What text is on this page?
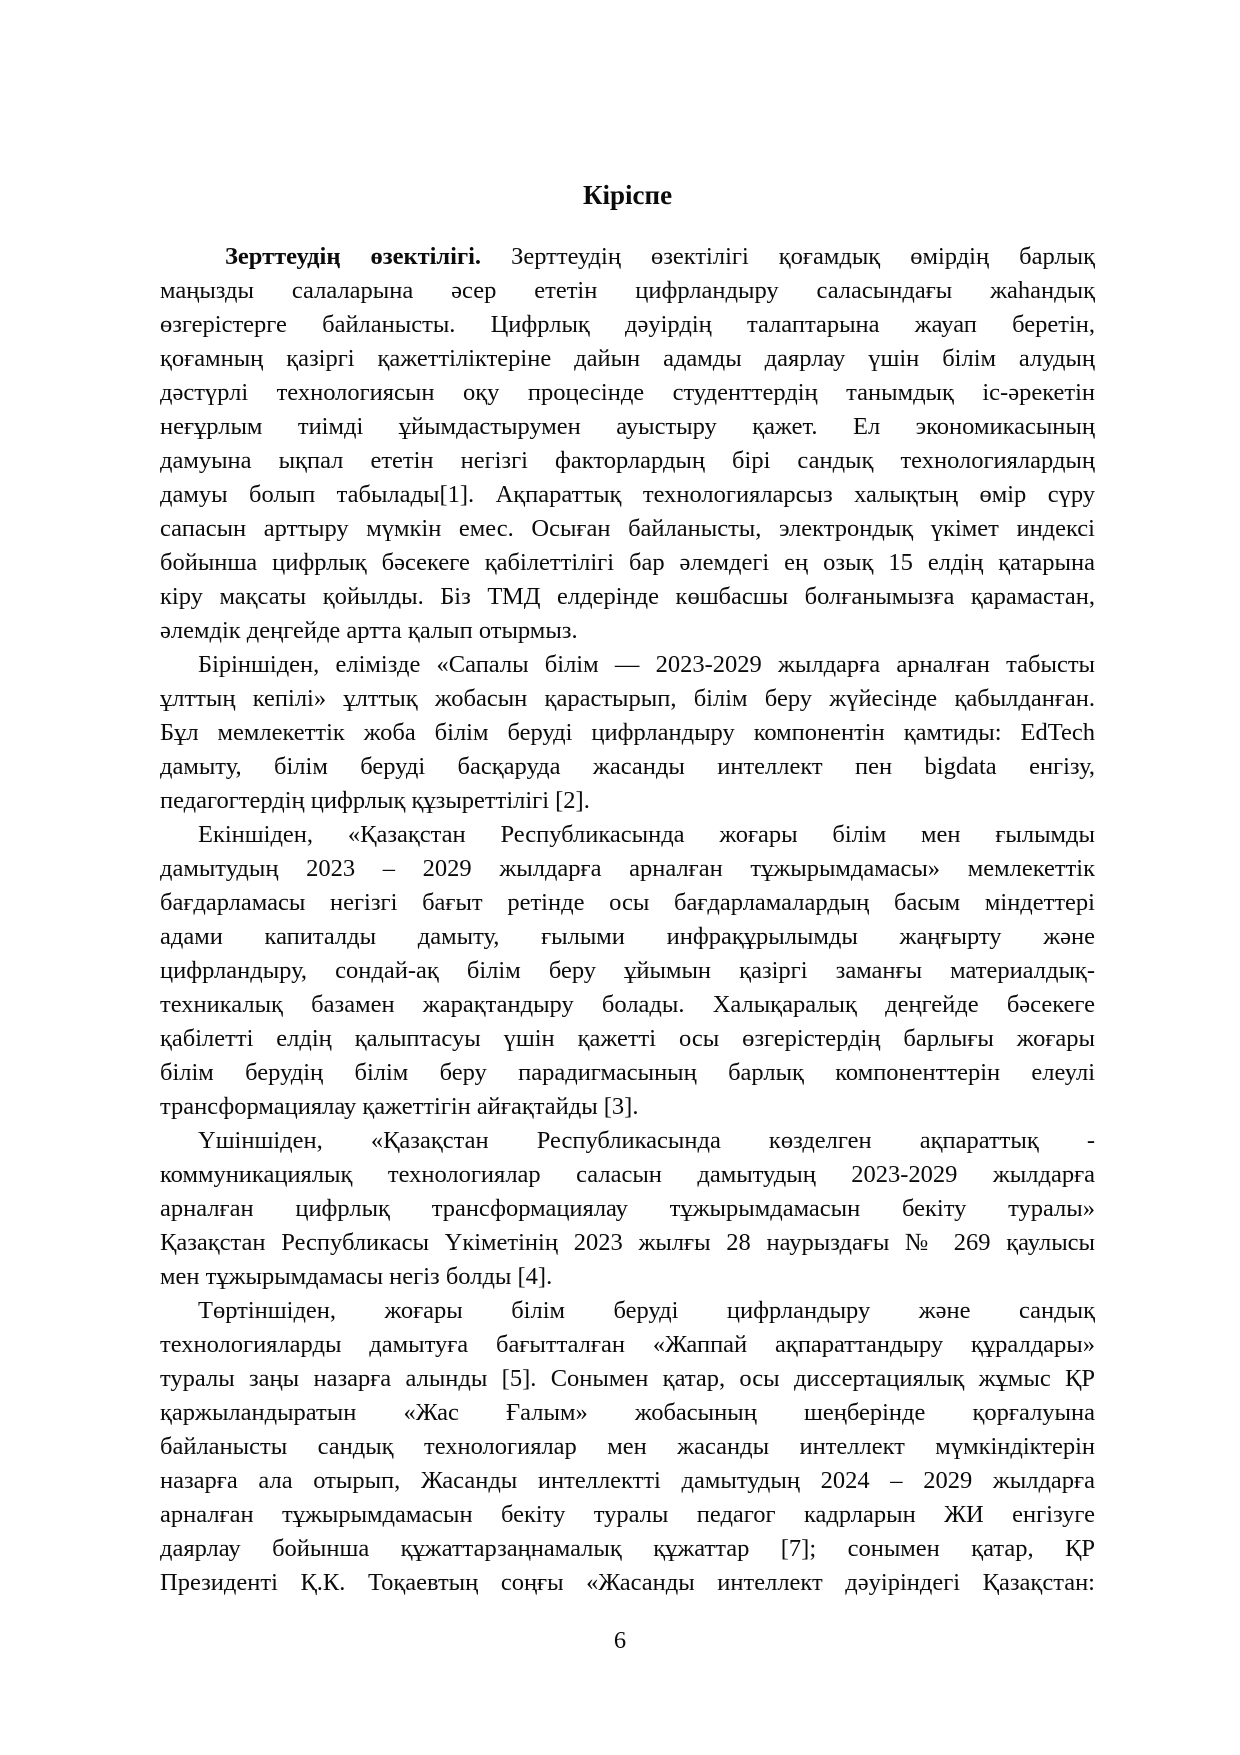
Кіріспе
Зерттеудің өзектілігі. Зерттеудің өзектілігі қоғамдық өмірдің барлық
маңызды салаларына әсер ететін цифрландыру саласындағы жаһандық
өзгерістерге байланысты. Цифрлық дәуірдің талаптарына жауап беретін,
қоғамның қазіргі қажеттіліктеріне дайын адамды даярлау үшін білім алудың
дәстүрлі технологиясын оқу процесінде студенттердің танымдық іс-әрекетін
неғұрлым тиімді ұйымдастырумен ауыстыру қажет. Ел экономикасының
дамуына ықпал ететін негізгі факторлардың бірі сандық технологиялардың
дамуы болып табылады[1]. Ақпараттық технологияларсыз халықтың өмір сүру
сапасын арттыру мүмкін емес. Осыған байланысты, электрондық үкімет индексі
бойынша цифрлық бәсекеге қабілеттілігі бар әлемдегі ең озық 15 елдің қатарына
кіру мақсаты қойылды. Біз ТМД елдерінде көшбасшы болғанымызға қарамастан,
әлемдік деңгейде артта қалып отырмыз.
Біріншіден, елімізде «Сапалы білім — 2023-2029 жылдарға арналған табысты
ұлттың кепілі» ұлттық жобасын қарастырып, білім беру жүйесінде қабылданған.
Бұл мемлекеттік жоба білім беруді цифрландыру компонентін қамтиды: EdTech
дамыту, білім беруді басқаруда жасанды интеллект пен bigdata енгізу,
педагогтердің цифрлық құзыреттілігі [2].
Екіншіден, «Қазақстан Республикасында жоғары білім мен ғылымды
дамытудың 2023 – 2029 жылдарға арналған тұжырымдамасы» мемлекеттік
бағдарламасы негізгі бағыт ретінде осы бағдарламалардың басым міндеттері
адами капиталды дамыту, ғылыми инфрақұрылымды жаңғырту және
цифрландыру, сондай-ақ білім беру ұйымын қазіргі заманғы материалдық-
техникалық базамен жарақтандыру болады. Халықаралық деңгейде бәсекеге
қабілетті елдің қалыптасуы үшін қажетті осы өзгерістердің барлығы жоғары
білім берудің білім беру парадигмасының барлық компоненттерін елеулі
трансформациялау қажеттігін айғақтайды [3].
Үшіншіден, «Қазақстан Республикасында көзделген ақпараттық -
коммуникациялық технологиялар саласын дамытудың 2023-2029 жылдарға
арналған цифрлық трансформациялау тұжырымдамасын бекіту туралы»
Қазақстан Республикасы Үкіметінің 2023 жылғы 28 наурыздағы № 269 қаулысы
мен тұжырымдамасы негіз болды [4].
Төртіншіден, жоғары білім беруді цифрландыру және сандық
технологияларды дамытуға бағытталған «Жаппай ақпараттандыру құралдары»
туралы заңы назарға алынды [5]. Сонымен қатар, осы диссертациялық жұмыс ҚР
қаржыландыратын «Жас Ғалым» жобасының шеңберінде қорғалуына
байланысты сандық технологиялар мен жасанды интеллект мүмкіндіктерін
назарға ала отырып, Жасанды интеллектті дамытудың 2024 – 2029 жылдарға
арналған тұжырымдамасын бекіту туралы педагог кадрларын ЖИ енгізуге
даярлау бойынша құжаттарзаңнамалық құжаттар [7]; сонымен қатар, ҚР
Президенті Қ.К. Тоқаевтың соңғы «Жасанды интеллект дәуіріндегі Қазақстан:
6
